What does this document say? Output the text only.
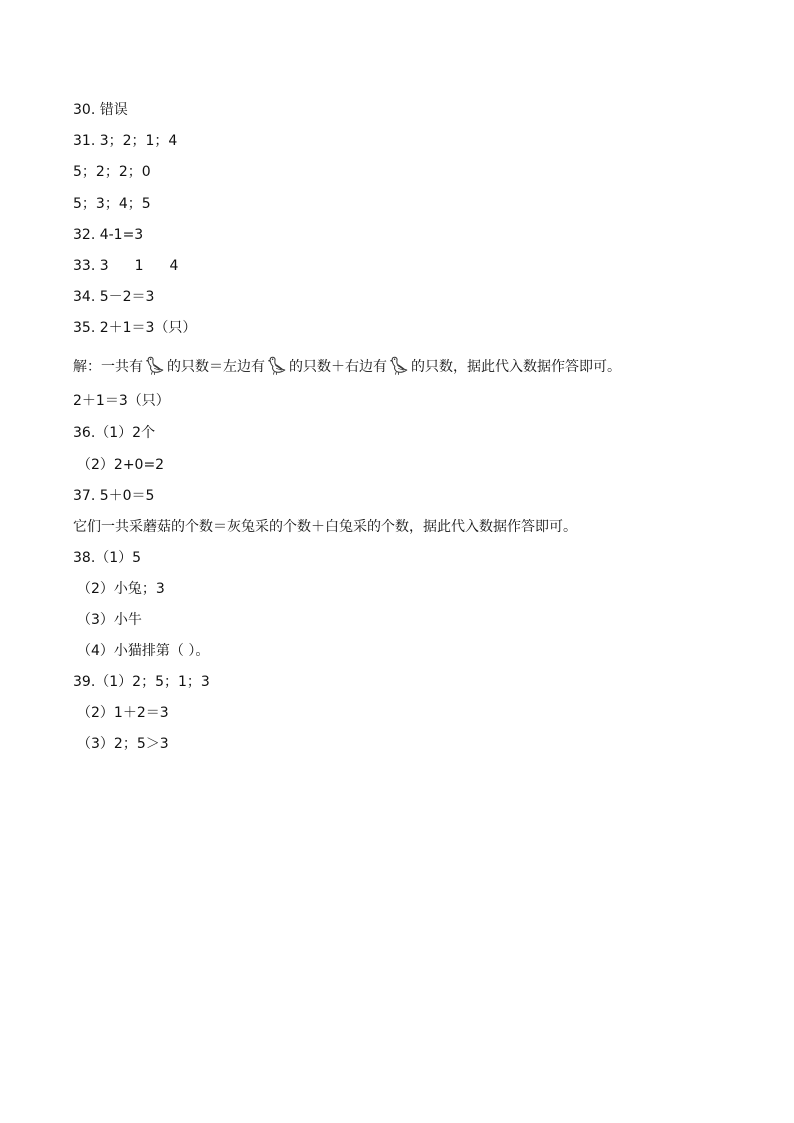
30. 错误
31. 3；2；1；4
5；2；2；0
5；3；4；5
32. 4-1=3
33. 3 1 4
34. 5－2＝3
35. 2＋1＝3（只）
解：一共有 的只数＝左边有 的只数＋右边有 的只数，据此代入数据作答即可。
2＋1＝3（只）
36.（1）2个
（2）2+0=2
37. 5＋0＝5
它们一共采蘑菇的个数＝灰兔采的个数＋白兔采的个数，据此代入数据作答即可。
38.（1）5
（2）小兔；3
（3）小牛
（4）小猫排第（ ）。
39.（1）2；5；1；3
（2）1＋2＝3
（3）2；5＞3
